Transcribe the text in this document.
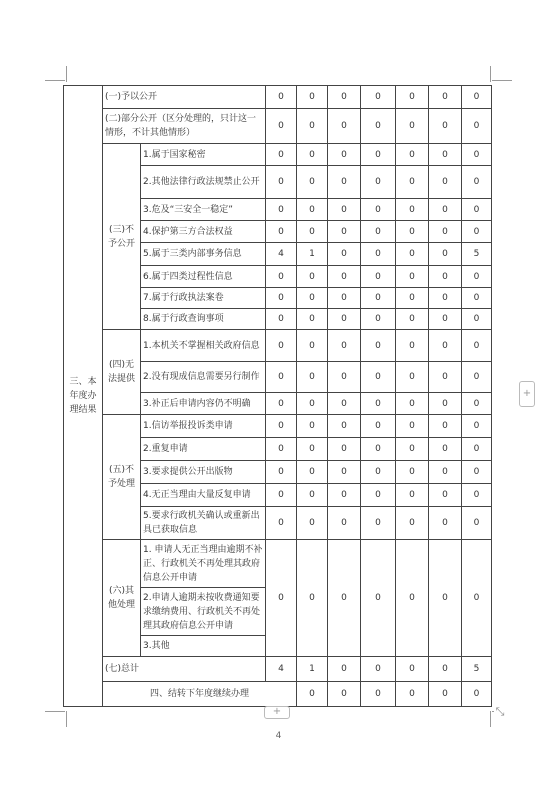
三、本年度办理结果	(一)予以公开		0	0	0	0	0	0	0	
	(二)部分公开（区分处理的，只计这一情形，不计其他情形）		0	0	0	0	0	0	0	
	(三)不予公开	1.属于国家秘密	0	0	0	0	0	0	0	
		2.其他法律行政法规禁止公开	0	0	0	0	0	0	0	
		3.危及“三安全一稳定”	0	0	0	0	0	0	0	
		4.保护第三方合法权益	0	0	0	0	0	0	0	
		5.属于三类内部事务信息	4	1	0	0	0	0	5	
		6.属于四类过程性信息	0	0	0	0	0	0	0	
		7.属于行政执法案卷	0	0	0	0	0	0	0	
		8.属于行政查询事项	0	0	0	0	0	0	0	
	(四)无法提供	1.本机关不掌握相关政府信息	0	0	0	0	0	0	0	
		2.没有现成信息需要另行制作	0	0	0	0	0	0	0	
		3.补正后申请内容仍不明确	0	0	0	0	0	0	0	
	(五)不予处理	1.信访举报投诉类申请	0	0	0	0	0	0	0	
		2.重复申请	0	0	0	0	0	0	0	
		3.要求提供公开出版物	0	0	0	0	0	0	0	
		4.无正当理由大量反复申请	0	0	0	0	0	0	0	
		5.要求行政机关确认或重新出具已获取信息	0	0	0	0	0	0	0	
	(六)其他处理	1. 申请人无正当理由逾期不补正、行政机关不再处理其政府信息公开申请	0	0	0	0	0	0	0	
		2.申请人逾期未按收费通知要求缴纳费用、行政机关不再处理其政府信息公开申请								
		3.其他								
	(七)总计		4	1	0	0	0	0	5	
	四、结转下年度继续办理			0	0	0	0	0	0	
+
+	⤡
4
